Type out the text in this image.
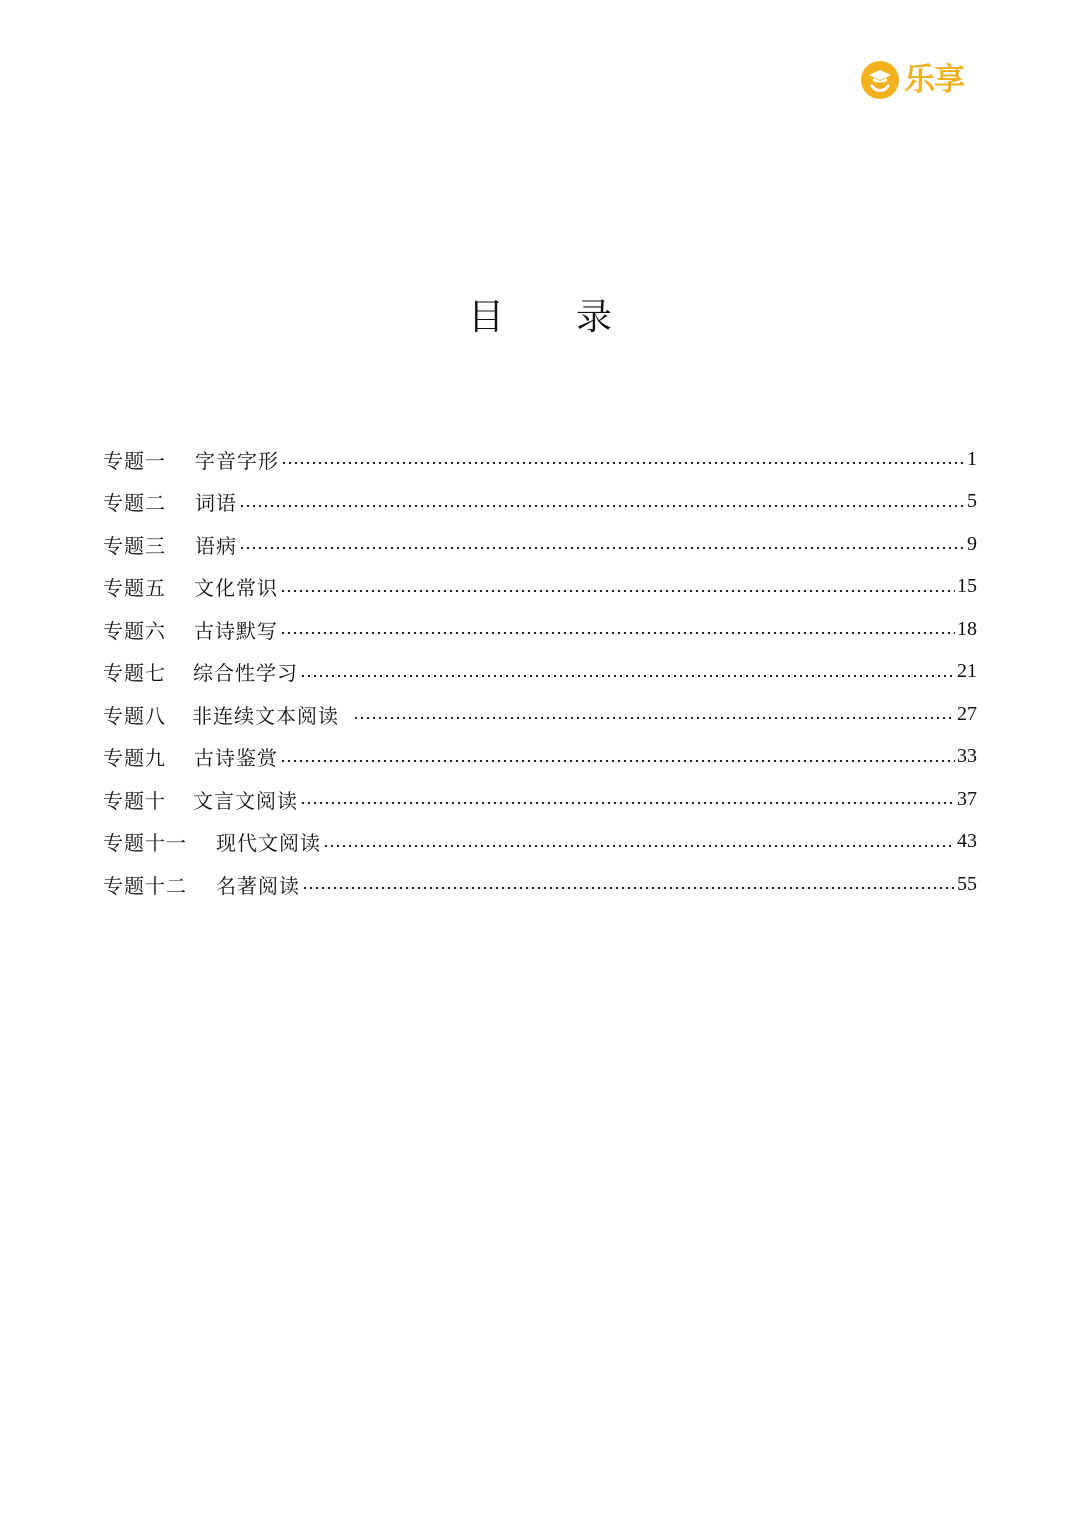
乐享
目　　录
专题一	字音字形	1
专题二	词语	5
专题三	语病	9
专题五	文化常识	15
专题六	古诗默写	18
专题七	综合性学习	21
专题八	非连续文本阅读	27
专题九	古诗鉴赏	33
专题十	文言文阅读	37
专题十一	现代文阅读	43
专题十二	名著阅读	55
